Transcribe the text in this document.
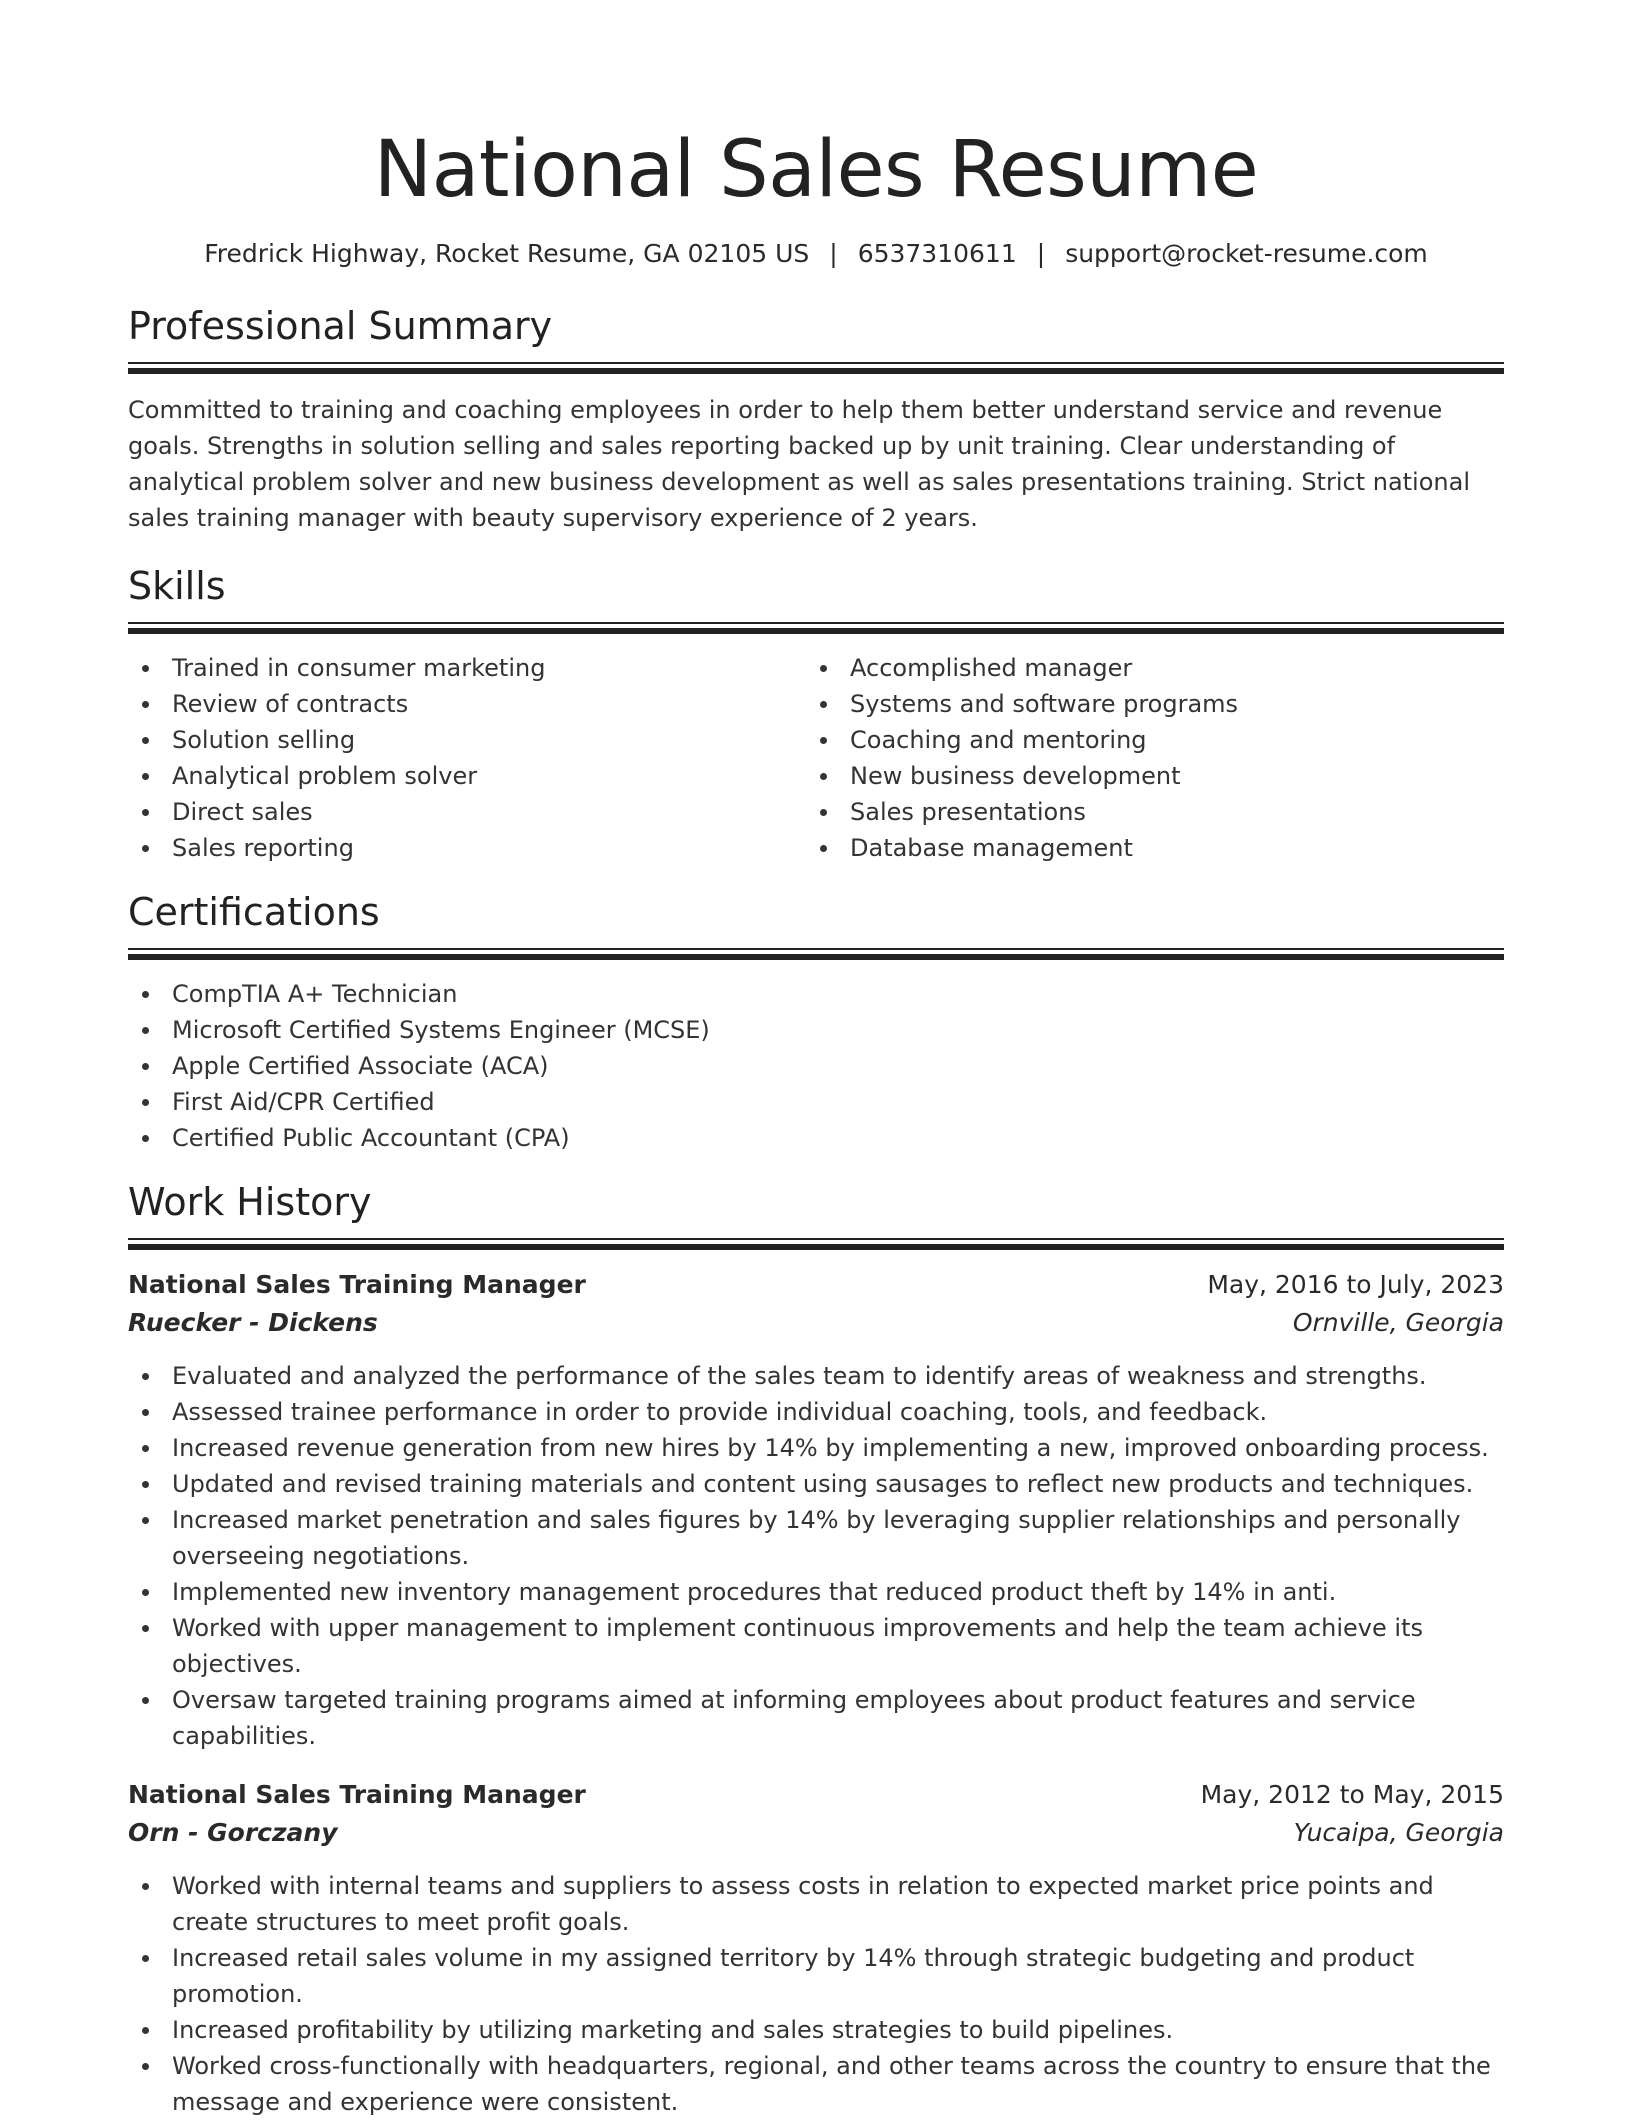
National Sales Resume
Fredrick Highway, Rocket Resume, GA 02105 US | 6537310611 | support@rocket-resume.com
Professional Summary
Committed to training and coaching employees in order to help them better understand service and revenue goals. Strengths in solution selling and sales reporting backed up by unit training. Clear understanding of analytical problem solver and new business development as well as sales presentations training. Strict national sales training manager with beauty supervisory experience of 2 years.
Skills
Trained in consumer marketing
Review of contracts
Solution selling
Analytical problem solver
Direct sales
Sales reporting
Accomplished manager
Systems and software programs
Coaching and mentoring
New business development
Sales presentations
Database management
Certifications
CompTIA A+ Technician
Microsoft Certified Systems Engineer (MCSE)
Apple Certified Associate (ACA)
First Aid/CPR Certified
Certified Public Accountant (CPA)
Work History
National Sales Training Manager	May, 2016 to July, 2023
Ruecker - Dickens	Ornville, Georgia
Evaluated and analyzed the performance of the sales team to identify areas of weakness and strengths.
Assessed trainee performance in order to provide individual coaching, tools, and feedback.
Increased revenue generation from new hires by 14% by implementing a new, improved onboarding process.
Updated and revised training materials and content using sausages to reflect new products and techniques.
Increased market penetration and sales figures by 14% by leveraging supplier relationships and personally overseeing negotiations.
Implemented new inventory management procedures that reduced product theft by 14% in anti.
Worked with upper management to implement continuous improvements and help the team achieve its objectives.
Oversaw targeted training programs aimed at informing employees about product features and service capabilities.
National Sales Training Manager	May, 2012 to May, 2015
Orn - Gorczany	Yucaipa, Georgia
Worked with internal teams and suppliers to assess costs in relation to expected market price points and create structures to meet profit goals.
Increased retail sales volume in my assigned territory by 14% through strategic budgeting and product promotion.
Increased profitability by utilizing marketing and sales strategies to build pipelines.
Worked cross-functionally with headquarters, regional, and other teams across the country to ensure that the message and experience were consistent.
